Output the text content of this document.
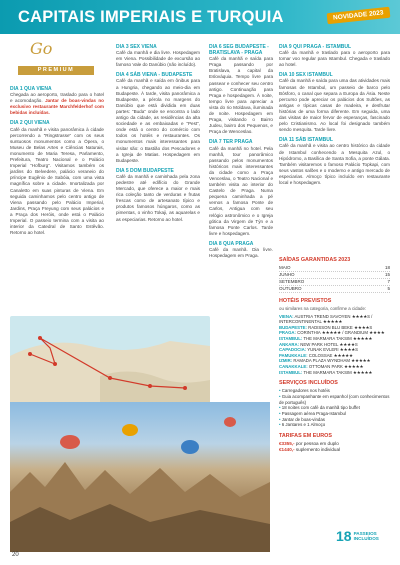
CAPITAIS IMPERIAIS E TURQUIA	NOVIDADE 2023
Go
PREMIUM
DIA 1 QUA VIENA
Chegada ao aeroporto, traslado para o hotel e acomodação. Jantar de boas-vindas no exclusivo restaurante Marchfelderhof com bebidas incluídas.
DIA 2 QUI VIENA
Café da manhã e visita panorâmica à cidade percorrendo a “Ringstrasse” com os seus suntuosos monumentos como a Ópera, o Museu de Belas Artes e Ciências Naturais, monumento de Maria Teresa, Parlamento, Prefeitura, Teatro Nacional e o Palácio Imperial “Hofburg”. Visitamos também os jardins do Belvedere, palácio veraneio do príncipe Eugênio de Sabóia, com uma vista magnífica sobre a cidade. Imortalizada por Canaletto em suas pinturas de Viena. Em seguida caminhamos pelo centro antigo de Viena passando pelo Palácio Imperial, Jardins, Praça Freyung com seus palácios e a Praça dos Heróis, onde está o Palácio Imperial. O passeio termina com a visita ao interior da Catedral de Santo Estêvão. Retorno ao hotel.
DIA 3 SEX VIENA
Café da manhã e dia livre. Hospedagem em Viena. Possibilidade de excursão ao famoso Vale do Danúbio (não incluído).
DIA 4 SÁB VIENA - BUDAPESTE
Café da manhã e saída em ônibus para a Hungria, chegando ao meio-dia em Budapeste. À tarde, visita panorâmica a Budapeste, a pérola no margens do Danúbio que está dividida em duas partes: “Buda” onde se encontra o lado antigo da cidade, as residências da alta sociedade e as embaixadas e “Pest”, onde está o centro do comércio com todos os hotéis e restaurantes. Os monumentos mais interessantes para visitar são: o Bastião dos Pescadores e a Igreja de Matias. Hospedagem em Budapeste.
DIA 5 DOM BUDAPESTE
Café da manhã e caminhada pela zona pedestre até edifício do Grande Mercado, que oferece a maior e mais rica coleção tanto de verduras e frutas frescas como de artesanato típico e produtos famosos húngaros, como as pimentas, o vinho Tokaji, as aquarelas e as especiarias. Retorno ao hotel.
DIA 6 SEG BUDAPESTE - BRATISLAVA - PRAGA
Café da manhã e saída para Praga passando por Bratislava, a capital da Eslováquia. Tempo livre para passear e conhecer seu centro antigo. Continuação para Praga e hospedagem. À noite, tempo livre para apreciar a vista do rio Moldava, iluminada de noite. Hospedagem em Praga, visitando o Bairro Judeu, bairro dos Pequenos, e Praça de Wenceslao.
DIA 7 TER PRAGA
Café da manhã no hotel. Pela manhã, tour panorâmico passando pelos monumentos históricos mais interessantes da cidade como a Praça Venceslau, o Teatro Nacional e também visita ao interior do Castelo de Praga. Numa pequena caminhada a pé vemos a famosa Ponte de Carlos, Antigua com seu relógio astronômico e o Igreja gótica da Virgem de Týn e a famosa Ponte Carlos. Tarde livre e hospedagem.
DIA 8 QUA PRAGA
Café da manhã. Dia livre. Hospedagem em Praga.
DIA 9 QUI PRAGA - ISTAMBUL
Café da manhã e traslado para o aeroporto para tomar voo regular para Istambul. Chegada e traslado ao hotel.
DIA 10 SEX ISTAMBUL
Café da manhã e saída para uma das atividades mais famosas de Istambul, um passeio de barco pelo Bósforo, o canal que separa a Europa da Ásia. Neste percurso pode apreciar os palácios dos Sultões, as antigas e típicas casas de madeira, e desfrutar histórias de uma forma diferente. Em seguida, uma das visitas de maior fervor de esperanças, fascinado pelo Cristianismo. Ao local foi designado também sendo mesquita. Tarde livre.
DIA 11 SÁB ISTAMBUL
Café da manhã e visita ao centro histórico da cidade de Istambul conhecendo a Mesquita Azul, o Hipódromo, a Basílica de Santa Sofia, a ponte Gálata. Também visitaremos o famoso Palácio Topkapi, com seus vastos salões e o moderno e antigo mercado de especiarias. Almoço típico incluído em restaurante local e hospedagem.
SAÍDAS GARANTIDAS 2023
MAIO	18
JUNHO	15
SETEMBRO	7
OUTUBRO	5
HOTÉIS PREVISTOS
ou similares na categoria, confirme a cidade:
VIENA: AUSTRIA TREND SAVOYEN ★★★★S / INTERCONTINENTAL ★★★★★
BUDAPESTE: RADISSON BLU BEKE ★★★★S
PRAGA: CORINTHIA ★★★★★ / GRANDIUM ★★★★
ISTAMBUL: THE MARMARA TAKSIM ★★★★★
ANKARA: NEW PARK HOTEL ★★★★S
CAPADOCIA: YUNAK EVLERI ★★★★S
PAMUKKALE: COLOSSAE ★★★★★
IZMIR: RAMADA PLAZA WYNDHAM ★★★★★
CANAKKALE: OTTOMAN PARK ★★★★★
ISTAMBUL: THE MARMARA TAKSIM ★★★★★
SERVIÇOS INCLUÍDOS
• Carregadores nos hotéis
• Guia acompanhante em espanhol (com conhecimentos de português)
• 18 noites com café da manhã tipo buffet
• Passagem aérea Praga-Istambul
• Jantar de boas-vindas
• 6 Jantares e 1 Almoço
TARIFAS EM EUROS
€3355,- por pessoa em duplo
€1440,- suplemento individual
18 PASSEIOS
INCLUÍDOS
20
